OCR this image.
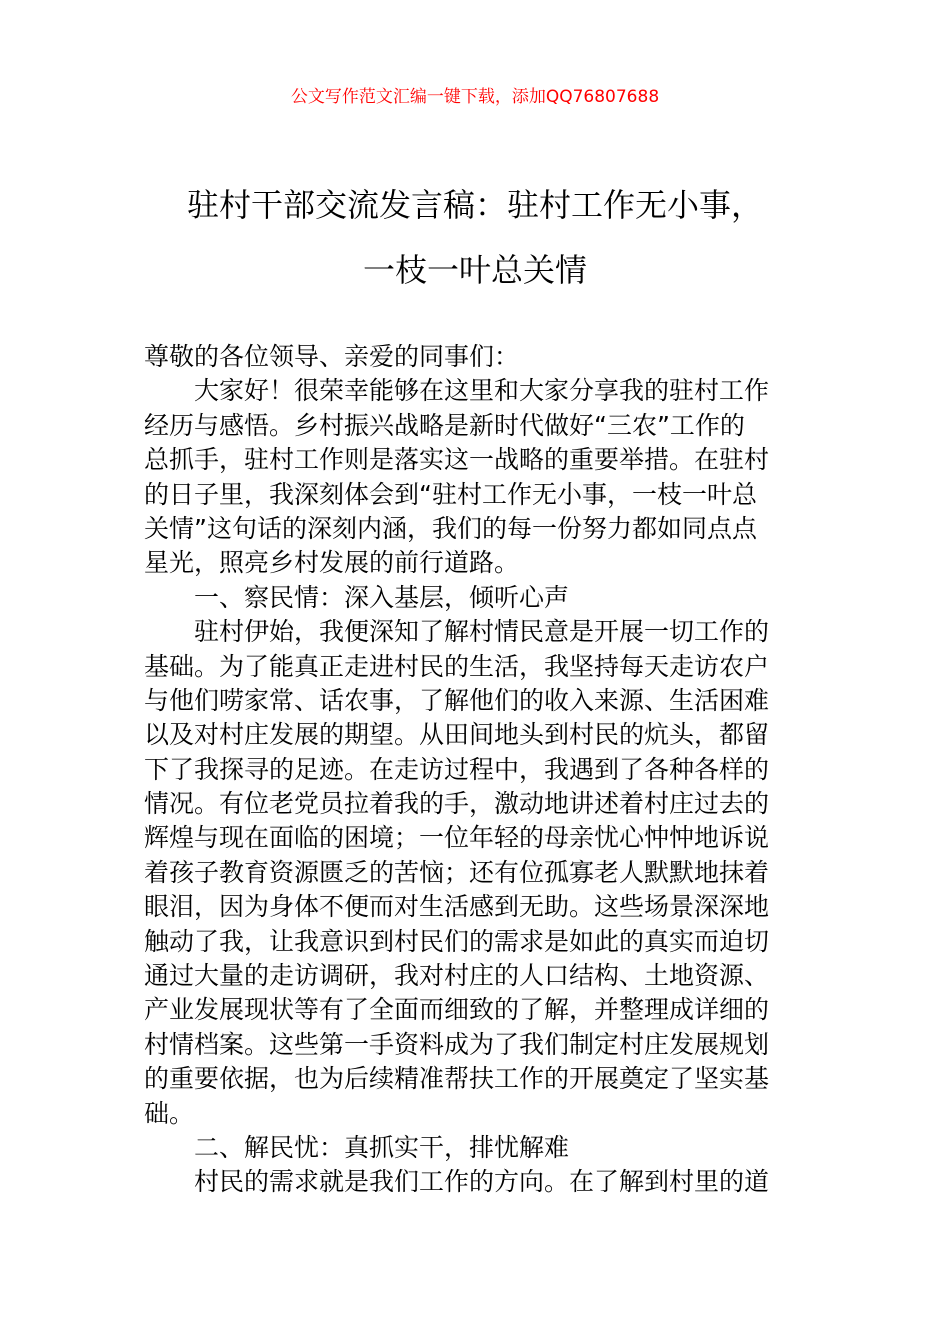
公文写作范文汇编一键下载，添加QQ76807688
驻村干部交流发言稿：驻村工作无小事，
一枝一叶总关情
尊敬的各位领导、亲爱的同事们：
大家好！很荣幸能够在这里和大家分享我的驻村工作
经历与感悟。乡村振兴战略是新时代做好“三农”工作的
总抓手，驻村工作则是落实这一战略的重要举措。在驻村
的日子里，我深刻体会到“驻村工作无小事，一枝一叶总
关情”这句话的深刻内涵，我们的每一份努力都如同点点
星光，照亮乡村发展的前行道路。
一、察民情：深入基层，倾听心声
驻村伊始，我便深知了解村情民意是开展一切工作的
基础。为了能真正走进村民的生活，我坚持每天走访农户
与他们唠家常、话农事，了解他们的收入来源、生活困难
以及对村庄发展的期望。从田间地头到村民的炕头，都留
下了我探寻的足迹。在走访过程中，我遇到了各种各样的
情况。有位老党员拉着我的手，激动地讲述着村庄过去的
辉煌与现在面临的困境；一位年轻的母亲忧心忡忡地诉说
着孩子教育资源匮乏的苦恼；还有位孤寡老人默默地抹着
眼泪，因为身体不便而对生活感到无助。这些场景深深地
触动了我，让我意识到村民们的需求是如此的真实而迫切
通过大量的走访调研，我对村庄的人口结构、土地资源、
产业发展现状等有了全面而细致的了解，并整理成详细的
村情档案。这些第一手资料成为了我们制定村庄发展规划
的重要依据，也为后续精准帮扶工作的开展奠定了坚实基
础。
二、解民忧：真抓实干，排忧解难
村民的需求就是我们工作的方向。在了解到村里的道
